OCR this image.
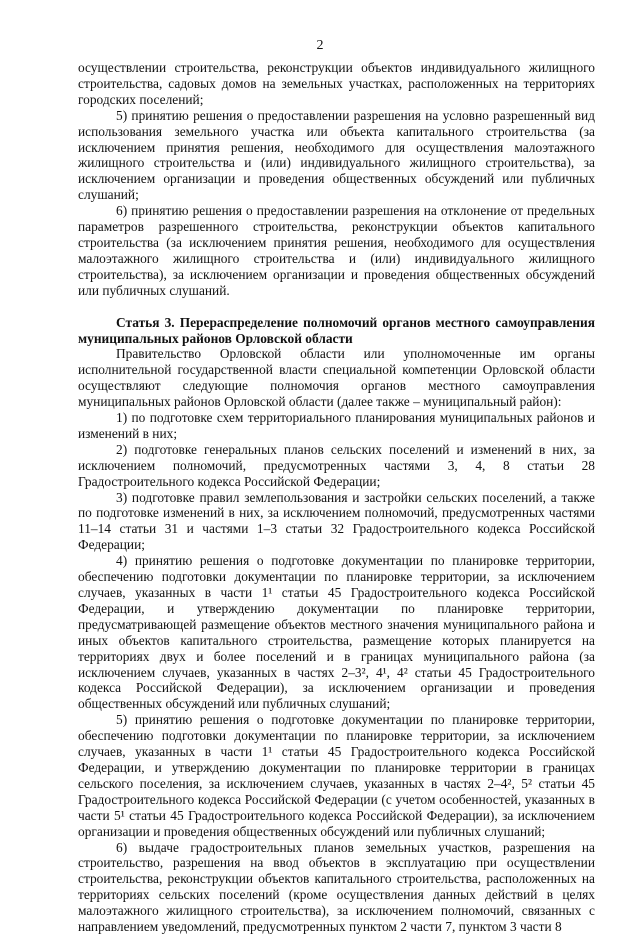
2

осуществлении строительства, реконструкции объектов индивидуального жилищного строительства, садовых домов на земельных участках, расположенных на территориях городских поселений;

5) принятию решения о предоставлении разрешения на условно разрешенный вид использования земельного участка или объекта капитального строительства (за исключением принятия решения, необходимого для осуществления малоэтажного жилищного строительства и (или) индивидуального жилищного строительства), за исключением организации и проведения общественных обсуждений или публичных слушаний;

6) принятию решения о предоставлении разрешения на отклонение от предельных параметров разрешенного строительства, реконструкции объектов капитального строительства (за исключением принятия решения, необходимого для осуществления малоэтажного жилищного строительства и (или) индивидуального жилищного строительства), за исключением организации и проведения общественных обсуждений или публичных слушаний.

Статья 3. Перераспределение полномочий органов местного самоуправления муниципальных районов Орловской области

Правительство Орловской области или уполномоченные им органы исполнительной государственной власти специальной компетенции Орловской области осуществляют следующие полномочия органов местного самоуправления муниципальных районов Орловской области (далее также – муниципальный район):

1) по подготовке схем территориального планирования муниципальных районов и изменений в них;

2) подготовке генеральных планов сельских поселений и изменений в них, за исключением полномочий, предусмотренных частями 3, 4, 8 статьи 28 Градостроительного кодекса Российской Федерации;

3) подготовке правил землепользования и застройки сельских поселений, а также по подготовке изменений в них, за исключением полномочий, предусмотренных частями 11–14 статьи 31 и частями 1–3 статьи 32 Градостроительного кодекса Российской Федерации;

4) принятию решения о подготовке документации по планировке территории, обеспечению подготовки документации по планировке территории, за исключением случаев, указанных в части 1¹ статьи 45 Градостроительного кодекса Российской Федерации, и утверждению документации по планировке территории, предусматривающей размещение объектов местного значения муниципального района и иных объектов капитального строительства, размещение которых планируется на территориях двух и более поселений и в границах муниципального района (за исключением случаев, указанных в частях 2–3², 4¹, 4² статьи 45 Градостроительного кодекса Российской Федерации), за исключением организации и проведения общественных обсуждений или публичных слушаний;

5) принятию решения о подготовке документации по планировке территории, обеспечению подготовки документации по планировке территории, за исключением случаев, указанных в части 1¹ статьи 45 Градостроительного кодекса Российской Федерации, и утверждению документации по планировке территории в границах сельского поселения, за исключением случаев, указанных в частях 2–4², 5² статьи 45 Градостроительного кодекса Российской Федерации (с учетом особенностей, указанных в части 5¹ статьи 45 Градостроительного кодекса Российской Федерации), за исключением организации и проведения общественных обсуждений или публичных слушаний;

6) выдаче градостроительных планов земельных участков, разрешения на строительство, разрешения на ввод объектов в эксплуатацию при осуществлении строительства, реконструкции объектов капитального строительства, расположенных на территориях сельских поселений (кроме осуществления данных действий в целях малоэтажного жилищного строительства), за исключением полномочий, связанных с направлением уведомлений, предусмотренных пунктом 2 части 7, пунктом 3 части 8
